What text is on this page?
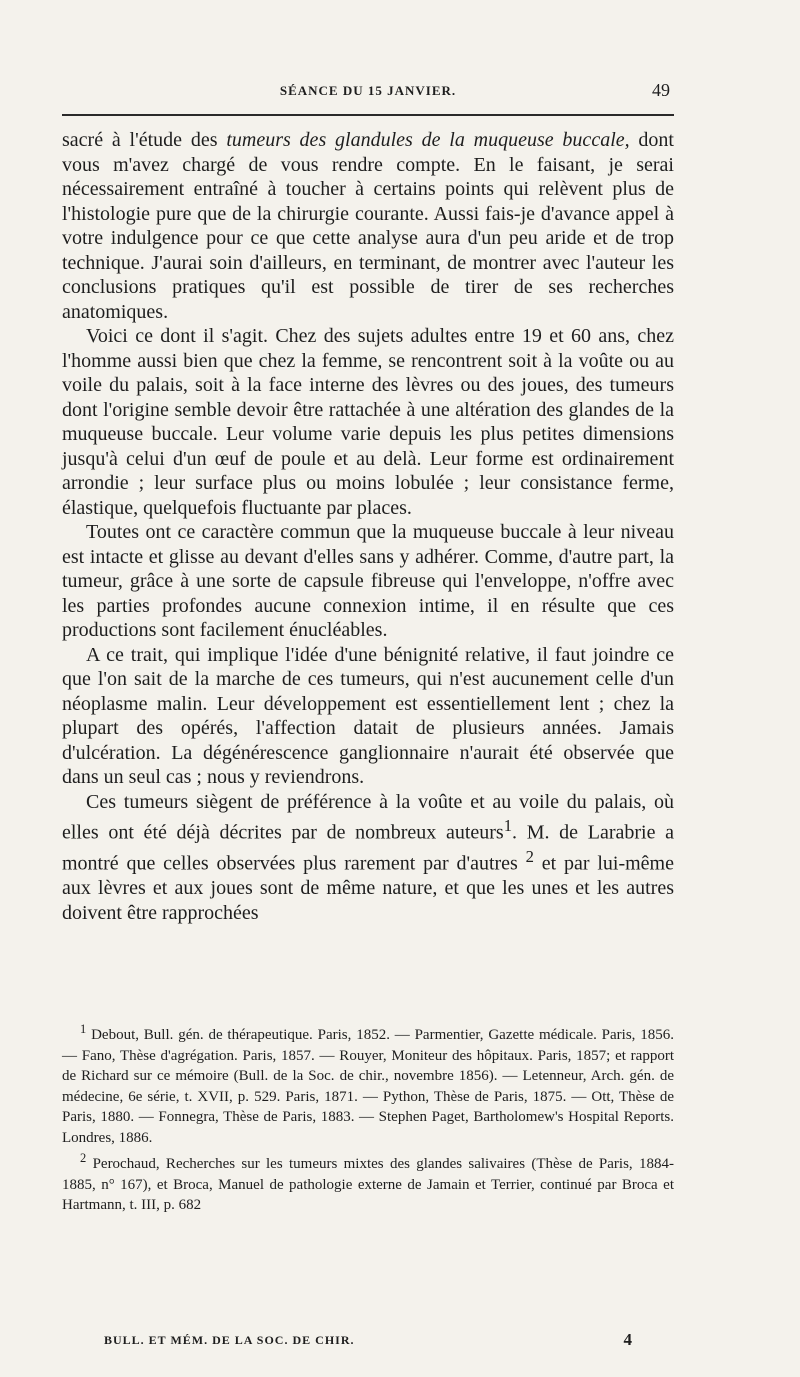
SÉANCE DU 15 JANVIER.	49

sacré à l'étude des tumeurs des glandules de la muqueuse buccale, dont vous m'avez chargé de vous rendre compte. En le faisant, je serai nécessairement entraîné à toucher à certains points qui relèvent plus de l'histologie pure que de la chirurgie courante. Aussi fais-je d'avance appel à votre indulgence pour ce que cette analyse aura d'un peu aride et de trop technique. J'aurai soin d'ailleurs, en terminant, de montrer avec l'auteur les conclusions pratiques qu'il est possible de tirer de ses recherches anatomiques.

Voici ce dont il s'agit. Chez des sujets adultes entre 19 et 60 ans, chez l'homme aussi bien que chez la femme, se rencontrent soit à la voûte ou au voile du palais, soit à la face interne des lèvres ou des joues, des tumeurs dont l'origine semble devoir être rattachée à une altération des glandes de la muqueuse buccale. Leur volume varie depuis les plus petites dimensions jusqu'à celui d'un œuf de poule et au delà. Leur forme est ordinairement arrondie ; leur surface plus ou moins lobulée ; leur consistance ferme, élastique, quelquefois fluctuante par places.

Toutes ont ce caractère commun que la muqueuse buccale à leur niveau est intacte et glisse au devant d'elles sans y adhérer. Comme, d'autre part, la tumeur, grâce à une sorte de capsule fibreuse qui l'enveloppe, n'offre avec les parties profondes aucune connexion intime, il en résulte que ces productions sont facilement énucléables.

A ce trait, qui implique l'idée d'une bénignité relative, il faut joindre ce que l'on sait de la marche de ces tumeurs, qui n'est aucunement celle d'un néoplasme malin. Leur développement est essentiellement lent ; chez la plupart des opérés, l'affection datait de plusieurs années. Jamais d'ulcération. La dégénérescence ganglionnaire n'aurait été observée que dans un seul cas ; nous y reviendrons.

Ces tumeurs siègent de préférence à la voûte et au voile du palais, où elles ont été déjà décrites par de nombreux auteurs$^1$. M. de Larabrie a montré que celles observées plus rarement par d'autres $^2$ et par lui-même aux lèvres et aux joues sont de même nature, et que les unes et les autres doivent être rapprochées

$^1$ Debout, Bull. gén. de thérapeutique. Paris, 1852. — Parmentier, Gazette médicale. Paris, 1856. — Fano, Thèse d'agrégation. Paris, 1857. — Rouyer, Moniteur des hôpitaux. Paris, 1857; et rapport de Richard sur ce mémoire (Bull. de la Soc. de chir., novembre 1856). — Letenneur, Arch. gén. de médecine, 6e série, t. XVII, p. 529. Paris, 1871. — Python, Thèse de Paris, 1875. — Ott, Thèse de Paris, 1880. — Fonnegra, Thèse de Paris, 1883. — Stephen Paget, Bartholomew's Hospital Reports. Londres, 1886.

$^2$ Perochaud, Recherches sur les tumeurs mixtes des glandes salivaires (Thèse de Paris, 1884-1885, n° 167), et Broca, Manuel de pathologie externe de Jamain et Terrier, continué par Broca et Hartmann, t. III, p. 682

BULL. ET MÉM. DE LA SOC. DE CHIR.	4
